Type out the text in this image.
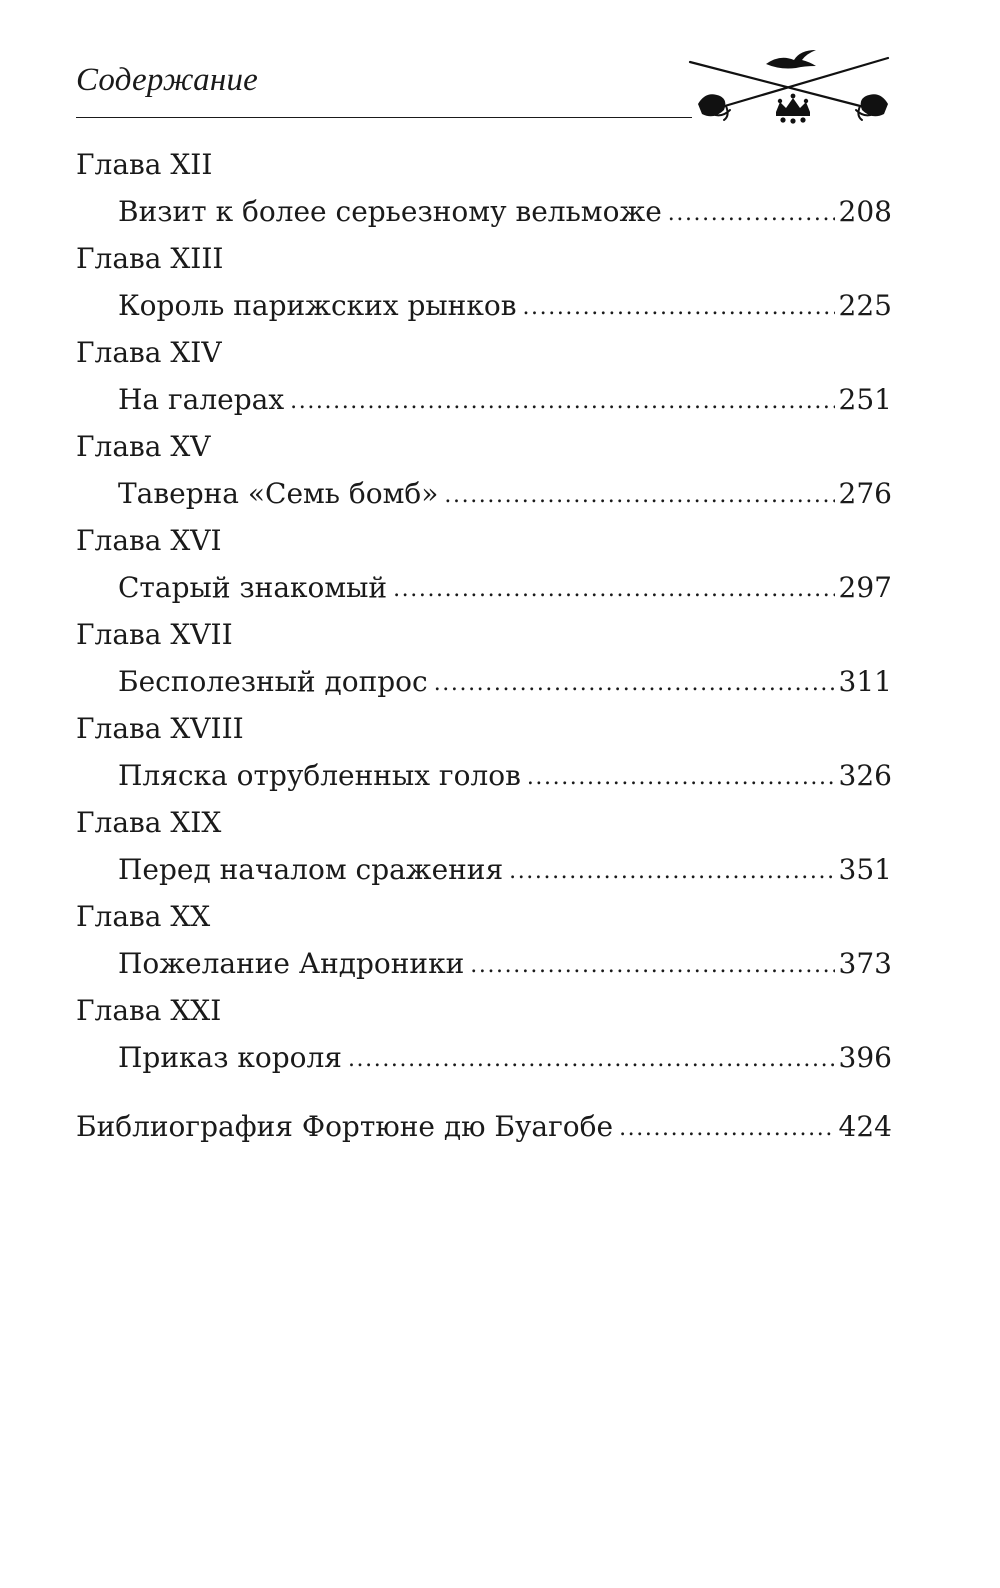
Содержание
Глава XII
Визит к более серьезному вельможе .....	208
Глава XIII
Король парижских рынков .....	225
Глава XIV
На галерах .....	251
Глава XV
Таверна «Семь бомб» .....	276
Глава XVI
Старый знакомый .....	297
Глава XVII
Бесполезный допрос .....	311
Глава XVIII
Пляска отрубленных голов .....	326
Глава XIX
Перед началом сражения .....	351
Глава XX
Пожелание Андроники .....	373
Глава XXI
Приказ короля .....	396
Библиография Фортюне дю Буагобе .....	424
